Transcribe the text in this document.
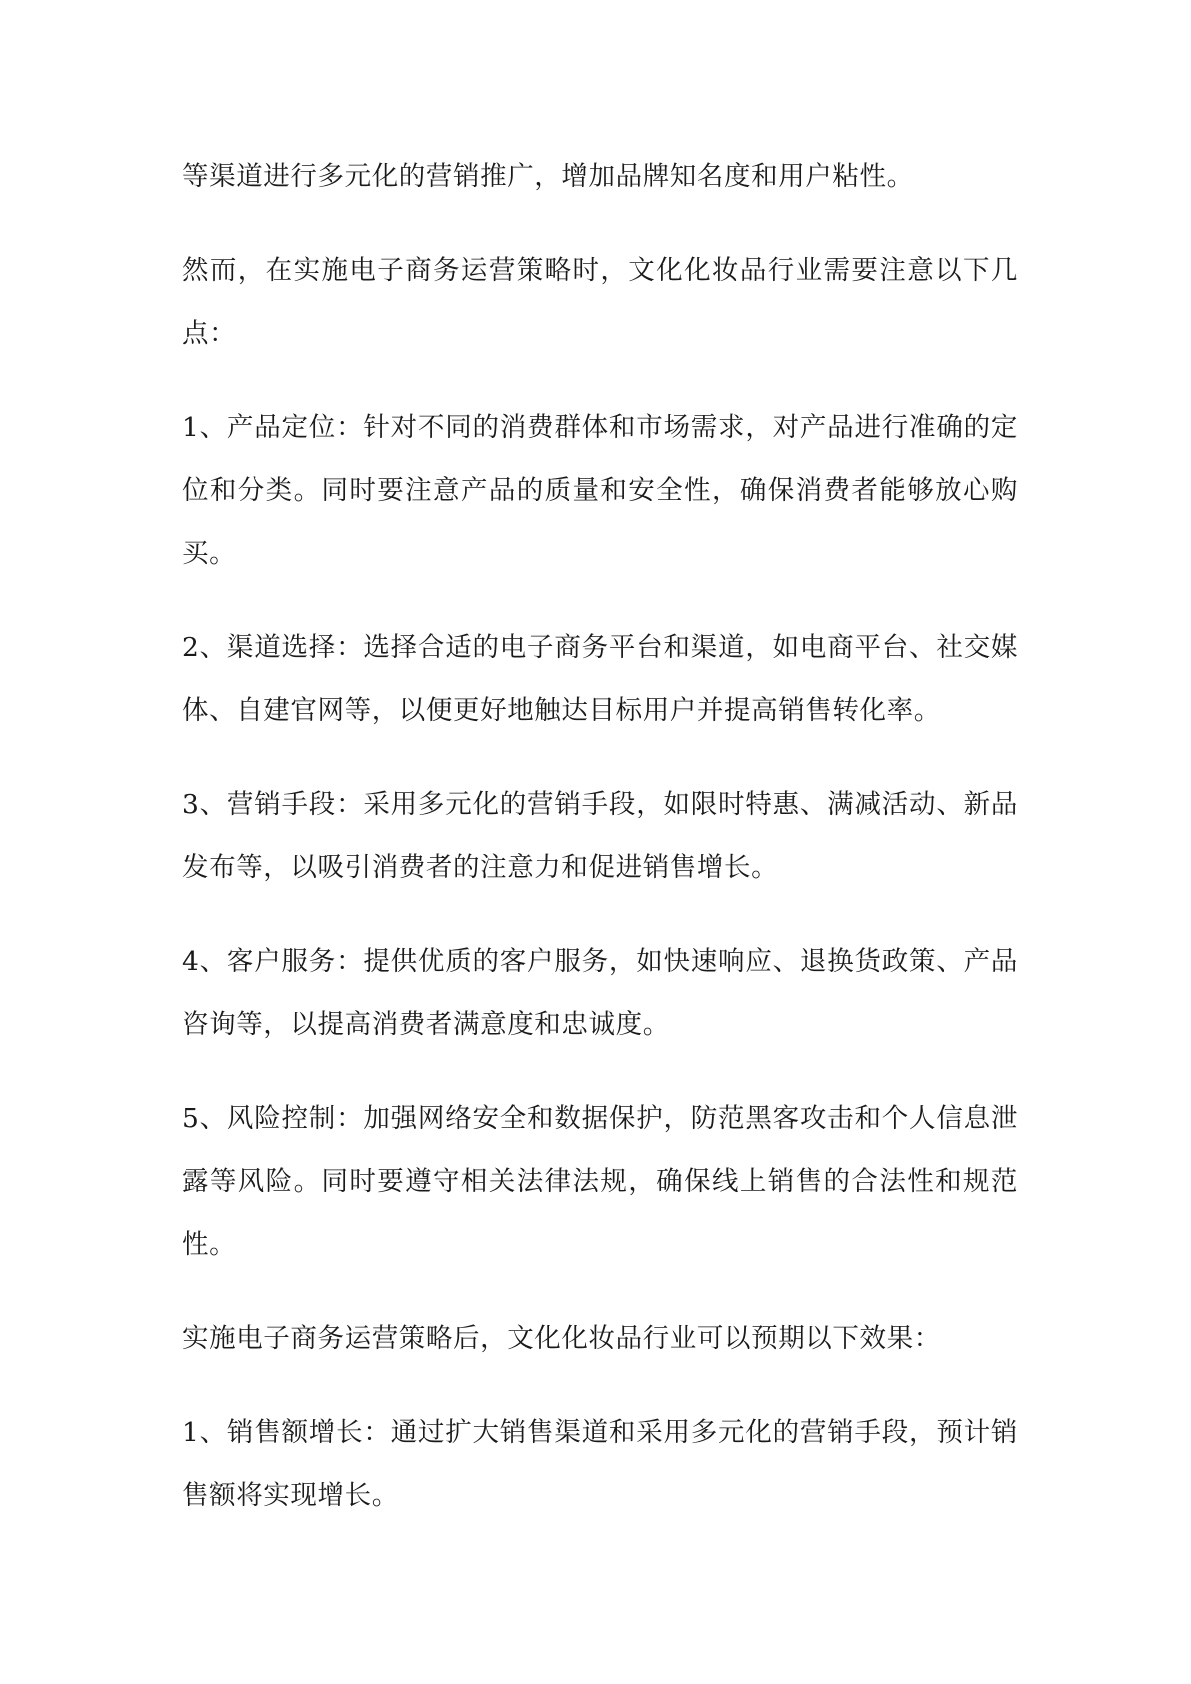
等渠道进行多元化的营销推广，增加品牌知名度和用户粘性。

然而，在实施电子商务运营策略时，文化化妆品行业需要注意以下几点：

1、产品定位：针对不同的消费群体和市场需求，对产品进行准确的定位和分类。同时要注意产品的质量和安全性，确保消费者能够放心购买。

2、渠道选择：选择合适的电子商务平台和渠道，如电商平台、社交媒体、自建官网等，以便更好地触达目标用户并提高销售转化率。

3、营销手段：采用多元化的营销手段，如限时特惠、满减活动、新品发布等，以吸引消费者的注意力和促进销售增长。

4、客户服务：提供优质的客户服务，如快速响应、退换货政策、产品咨询等，以提高消费者满意度和忠诚度。

5、风险控制：加强网络安全和数据保护，防范黑客攻击和个人信息泄露等风险。同时要遵守相关法律法规，确保线上销售的合法性和规范性。

实施电子商务运营策略后，文化化妆品行业可以预期以下效果：

1、销售额增长：通过扩大销售渠道和采用多元化的营销手段，预计销售额将实现增长。
